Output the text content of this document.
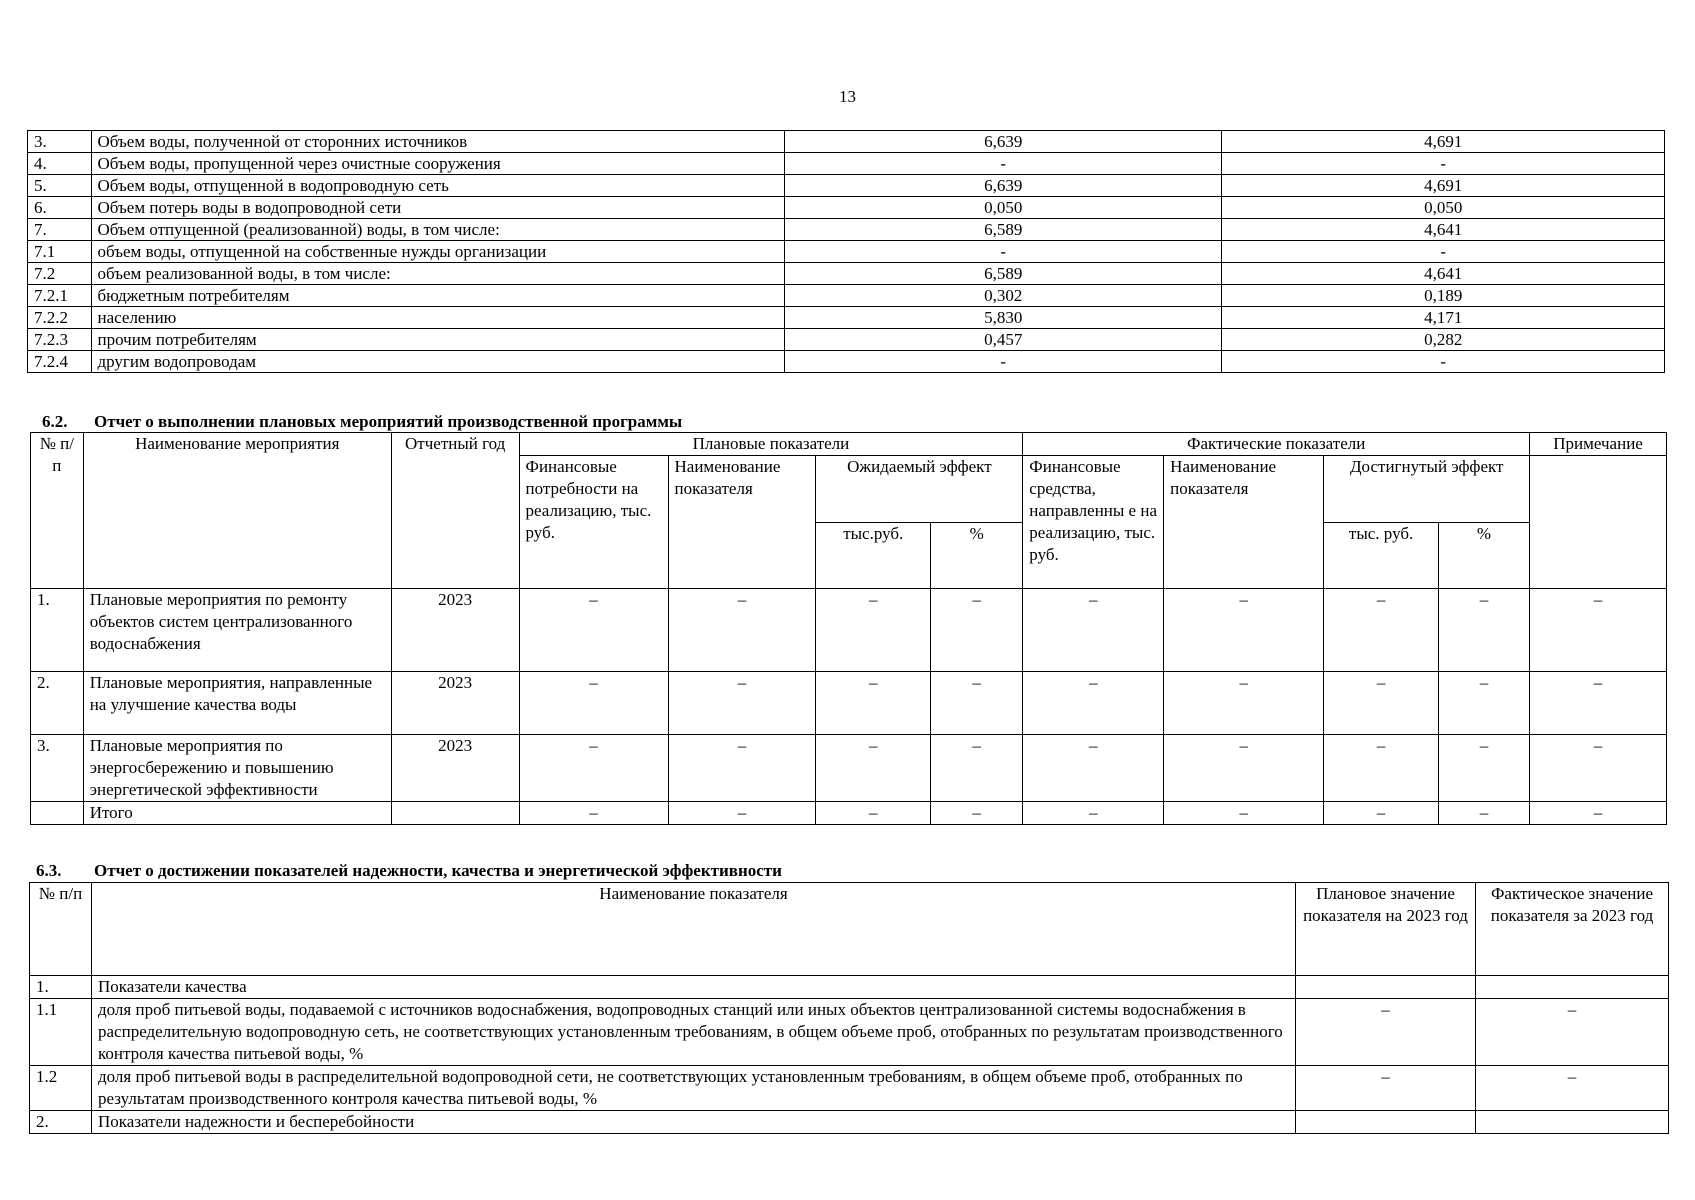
13
3.	Объем воды, полученной от сторонних источников	6,639	4,691
4.	Объем воды, пропущенной через очистные сооружения	-	-
5.	Объем воды, отпущенной в водопроводную сеть	6,639	4,691
6.	Объем потерь воды в водопроводной сети	0,050	0,050
7.	Объем отпущенной (реализованной) воды, в том числе:	6,589	4,641
7.1	объем воды, отпущенной на собственные нужды организации	-	-
7.2	объем реализованной воды, в том числе:	6,589	4,641
7.2.1	бюджетным потребителям	0,302	0,189
7.2.2	населению	5,830	4,171
7.2.3	прочим потребителям	0,457	0,282
7.2.4	другим водопроводам	-	-
6.2. Отчет о выполнении плановых мероприятий производственной программы
№ п/п	Наименование мероприятия	Отчетный год	Плановые показатели				Фактические показатели				Примечание
			Финансовые потребности на реализацию, тыс. руб.	Наименование показателя	Ожидаемый эффект		Финансовые средства, направленны е на реализацию, тыс. руб.	Наименование показателя	Достигнутый эффект		
					тыс.руб.	%			тыс. руб.	%	
1.	Плановые мероприятия по ремонту объектов систем централизованного водоснабжения	2023	–	–	–	–	–	–	–	–	–
2.	Плановые мероприятия, направленные на улучшение качества воды	2023	–	–	–	–	–	–	–	–	–
3.	Плановые мероприятия по энергосбережению и повышению энергетической эффективности	2023	–	–	–	–	–	–	–	–	–
	Итого		–	–	–	–	–	–	–	–	–
6.3. Отчет о достижении показателей надежности, качества и энергетической эффективности
№ п/п	Наименование показателя	Плановое значение показателя на 2023 год	Фактическое значение показателя за 2023 год
1.	Показатели качества		
1.1	доля проб питьевой воды, подаваемой с источников водоснабжения, водопроводных станций или иных объектов централизованной системы водоснабжения в распределительную водопроводную сеть, не соответствующих установленным требованиям, в общем объеме проб, отобранных по результатам производственного контроля качества питьевой воды, %	–	–
1.2	доля проб питьевой воды в распределительной водопроводной сети, не соответствующих установленным требованиям, в общем объеме проб, отобранных по результатам производственного контроля качества питьевой воды, %	–	–
2.	Показатели надежности и бесперебойности		
